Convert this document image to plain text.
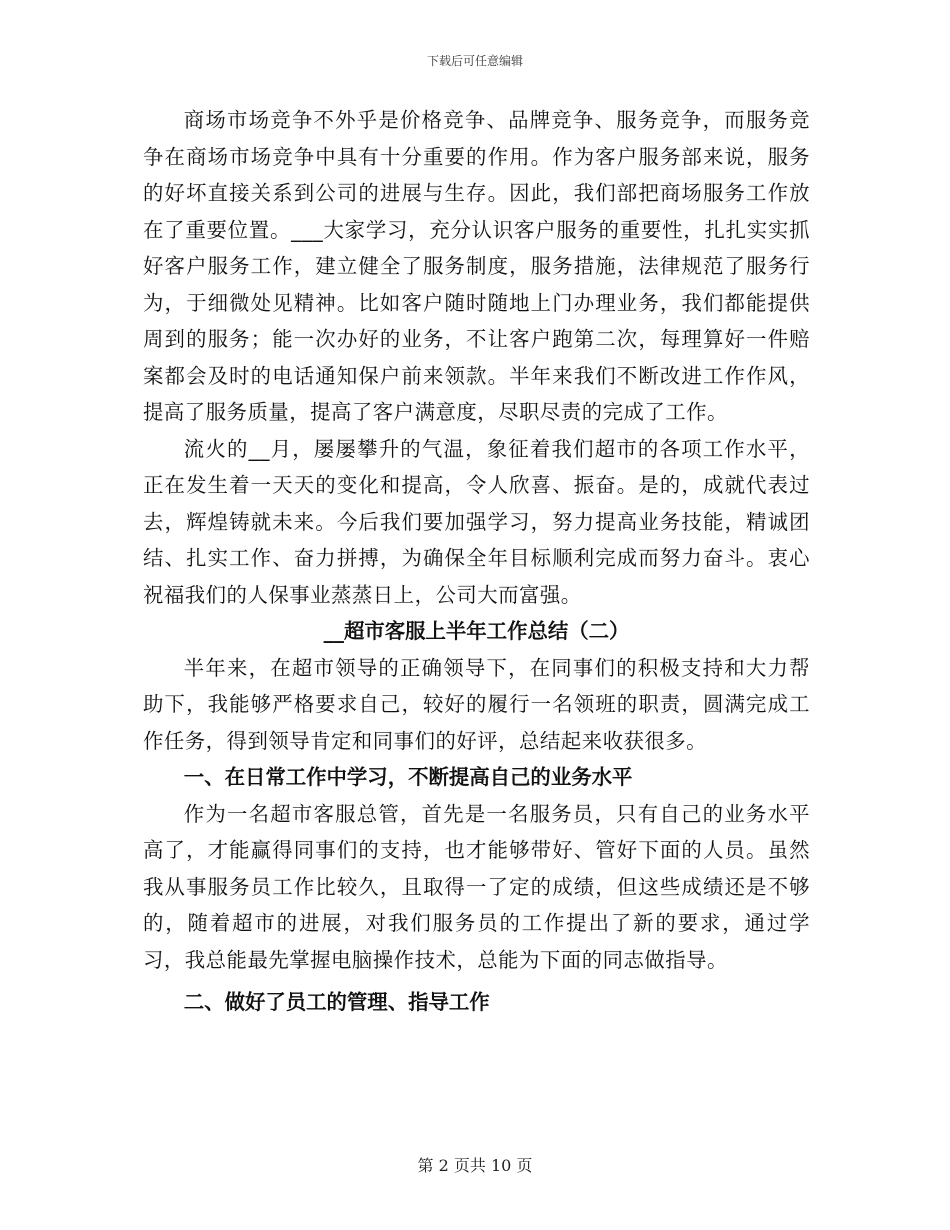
下载后可任意编辑

商场市场竞争不外乎是价格竞争、品牌竞争、服务竞争，而服务竞争在商场市场竞争中具有十分重要的作用。作为客户服务部来说，服务的好坏直接关系到公司的进展与生存。因此，我们部把商场服务工作放在了重要位置。___大家学习，充分认识客户服务的重要性，扎扎实实抓好客户服务工作，建立健全了服务制度，服务措施，法律规范了服务行为，于细微处见精神。比如客户随时随地上门办理业务，我们都能提供周到的服务；能一次办好的业务，不让客户跑第二次，每理算好一件赔案都会及时的电话通知保户前来领款。半年来我们不断改进工作作风，提高了服务质量，提高了客户满意度，尽职尽责的完成了工作。

流火的__月，屡屡攀升的气温，象征着我们超市的各项工作水平，正在发生着一天天的变化和提高，令人欣喜、振奋。是的，成就代表过去，辉煌铸就未来。今后我们要加强学习，努力提高业务技能，精诚团结、扎实工作、奋力拼搏，为确保全年目标顺利完成而努力奋斗。衷心祝福我们的人保事业蒸蒸日上，公司大而富强。

__超市客服上半年工作总结（二）

半年来，在超市领导的正确领导下，在同事们的积极支持和大力帮助下，我能够严格要求自己，较好的履行一名领班的职责，圆满完成工作任务，得到领导肯定和同事们的好评，总结起来收获很多。

一、在日常工作中学习，不断提高自己的业务水平

作为一名超市客服总管，首先是一名服务员，只有自己的业务水平高了，才能赢得同事们的支持，也才能够带好、管好下面的人员。虽然我从事服务员工作比较久，且取得一了定的成绩，但这些成绩还是不够的，随着超市的进展，对我们服务员的工作提出了新的要求，通过学习，我总能最先掌握电脑操作技术，总能为下面的同志做指导。

二、做好了员工的管理、指导工作

第 2 页共 10 页
